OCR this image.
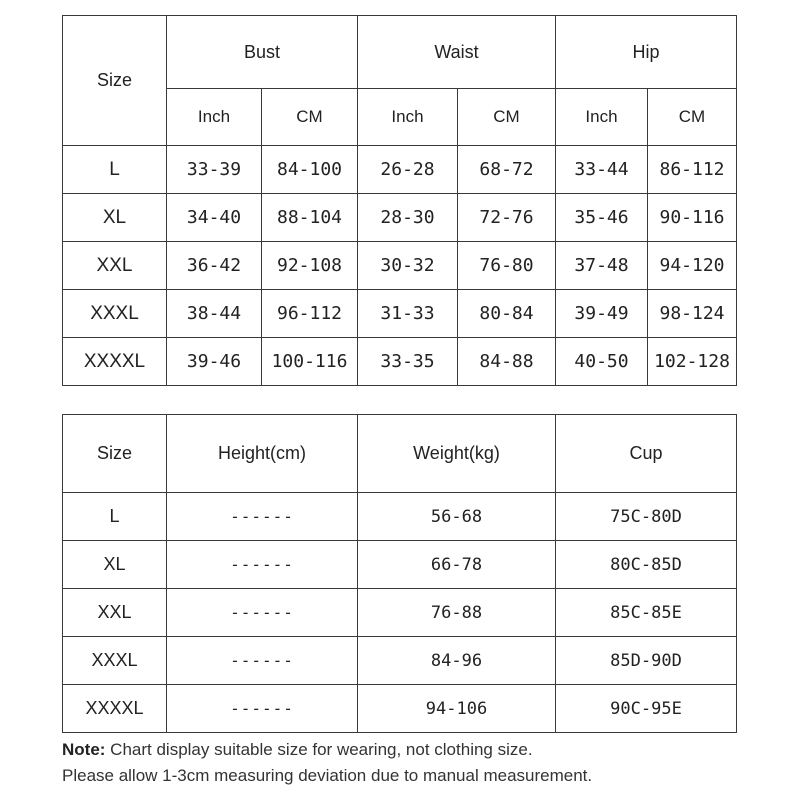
Size	Bust		Waist		Hip	
	Inch	CM	Inch	CM	Inch	CM
L	33-39	84-100	26-28	68-72	33-44	86-112
XL	34-40	88-104	28-30	72-76	35-46	90-116
XXL	36-42	92-108	30-32	76-80	37-48	94-120
XXXL	38-44	96-112	31-33	80-84	39-49	98-124
XXXXL	39-46	100-116	33-35	84-88	40-50	102-128
Size	Height(cm)	Weight(kg)	Cup
L	------	56-68	75C-80D
XL	------	66-78	80C-85D
XXL	------	76-88	85C-85E
XXXL	------	84-96	85D-90D
XXXXL	------	94-106	90C-95E
Note: Chart display suitable size for wearing, not clothing size.
Please allow 1-3cm measuring deviation due to manual measurement.
